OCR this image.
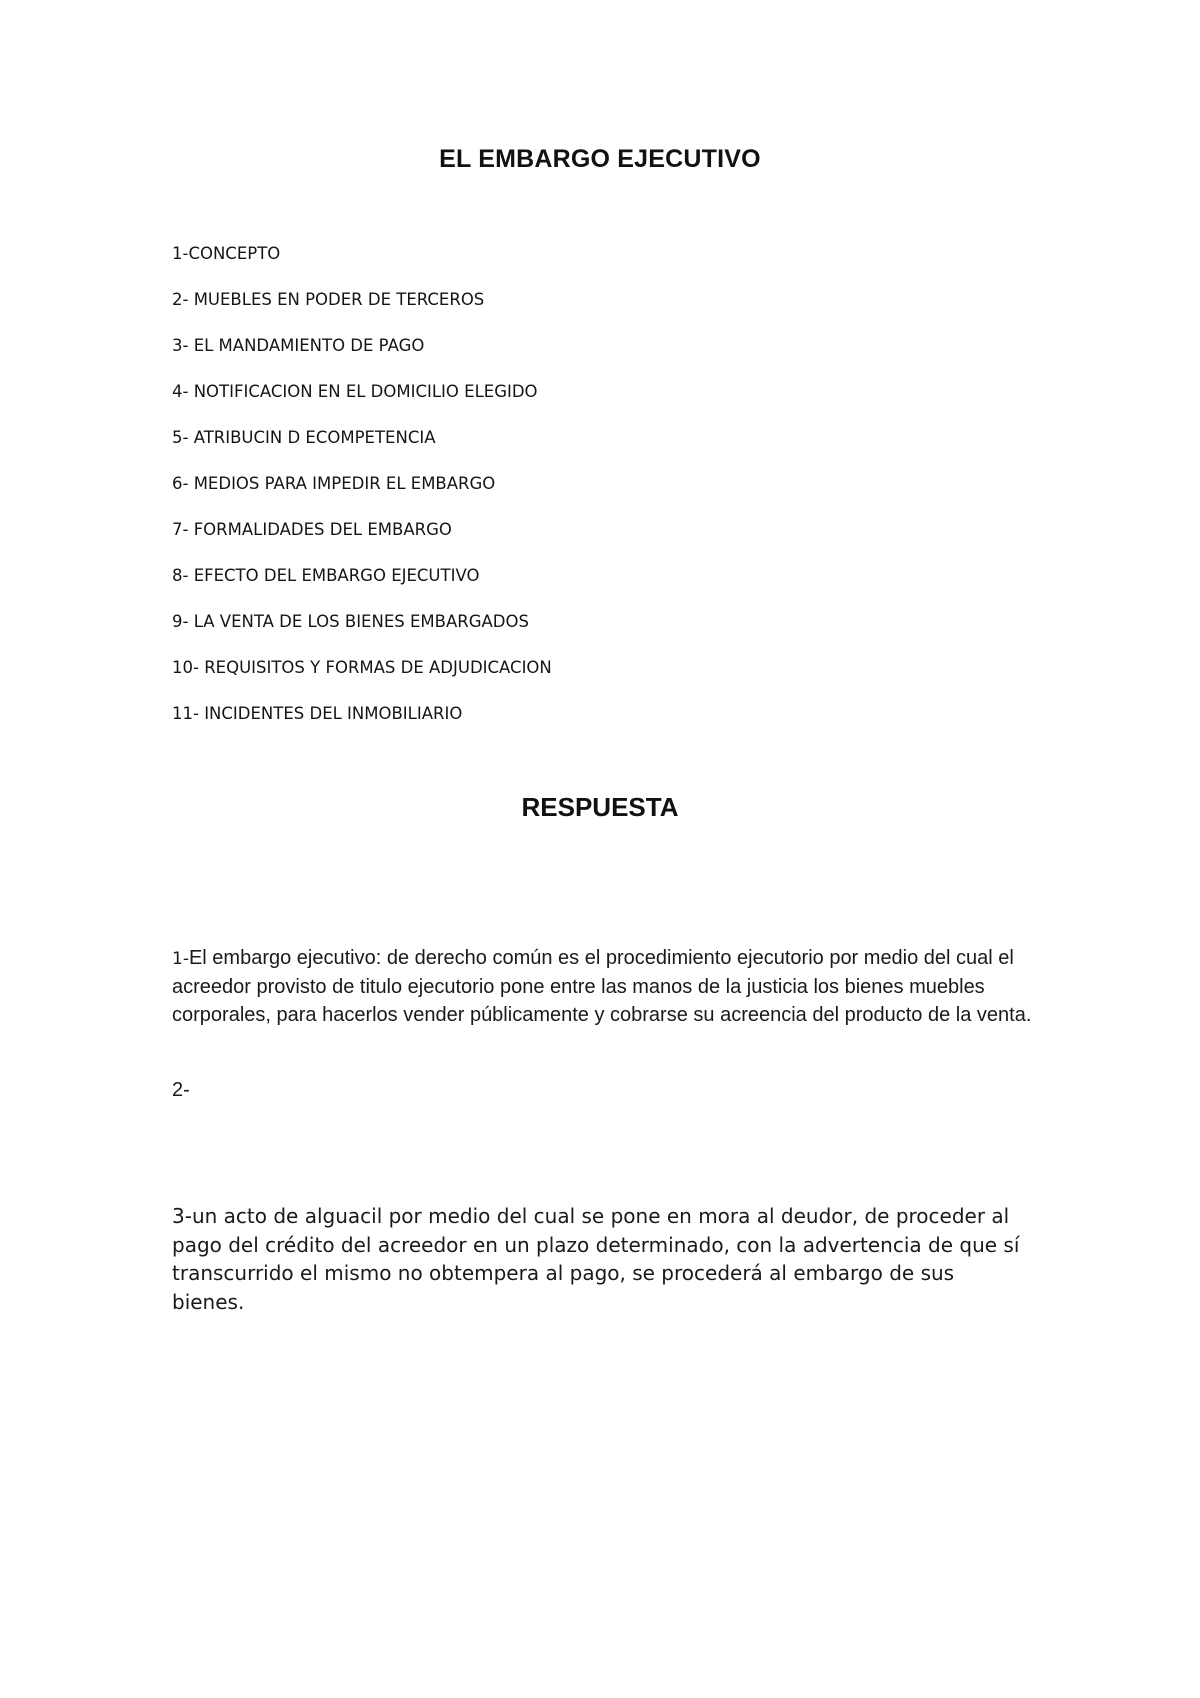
EL EMBARGO EJECUTIVO
1-CONCEPTO
2- MUEBLES EN PODER DE TERCEROS
3- EL MANDAMIENTO DE PAGO
4- NOTIFICACION EN EL DOMICILIO ELEGIDO
5- ATRIBUCIN D ECOMPETENCIA
6- MEDIOS PARA IMPEDIR EL EMBARGO
7- FORMALIDADES DEL EMBARGO
8- EFECTO DEL EMBARGO EJECUTIVO
9- LA VENTA DE LOS BIENES EMBARGADOS
10- REQUISITOS Y FORMAS DE ADJUDICACION
11- INCIDENTES DEL INMOBILIARIO
RESPUESTA

1-El embargo ejecutivo: de derecho común es el procedimiento ejecutorio por medio del cual el acreedor provisto de titulo ejecutorio pone entre las manos de la justicia los bienes muebles corporales, para hacerlos vender públicamente y cobrarse su acreencia del producto de la venta.

2-

3-un acto de alguacil por medio del cual se pone en mora al deudor, de proceder al pago del crédito del acreedor en un plazo determinado, con la advertencia de que sí transcurrido el mismo no obtempera al pago, se procederá al embargo de sus bienes.
